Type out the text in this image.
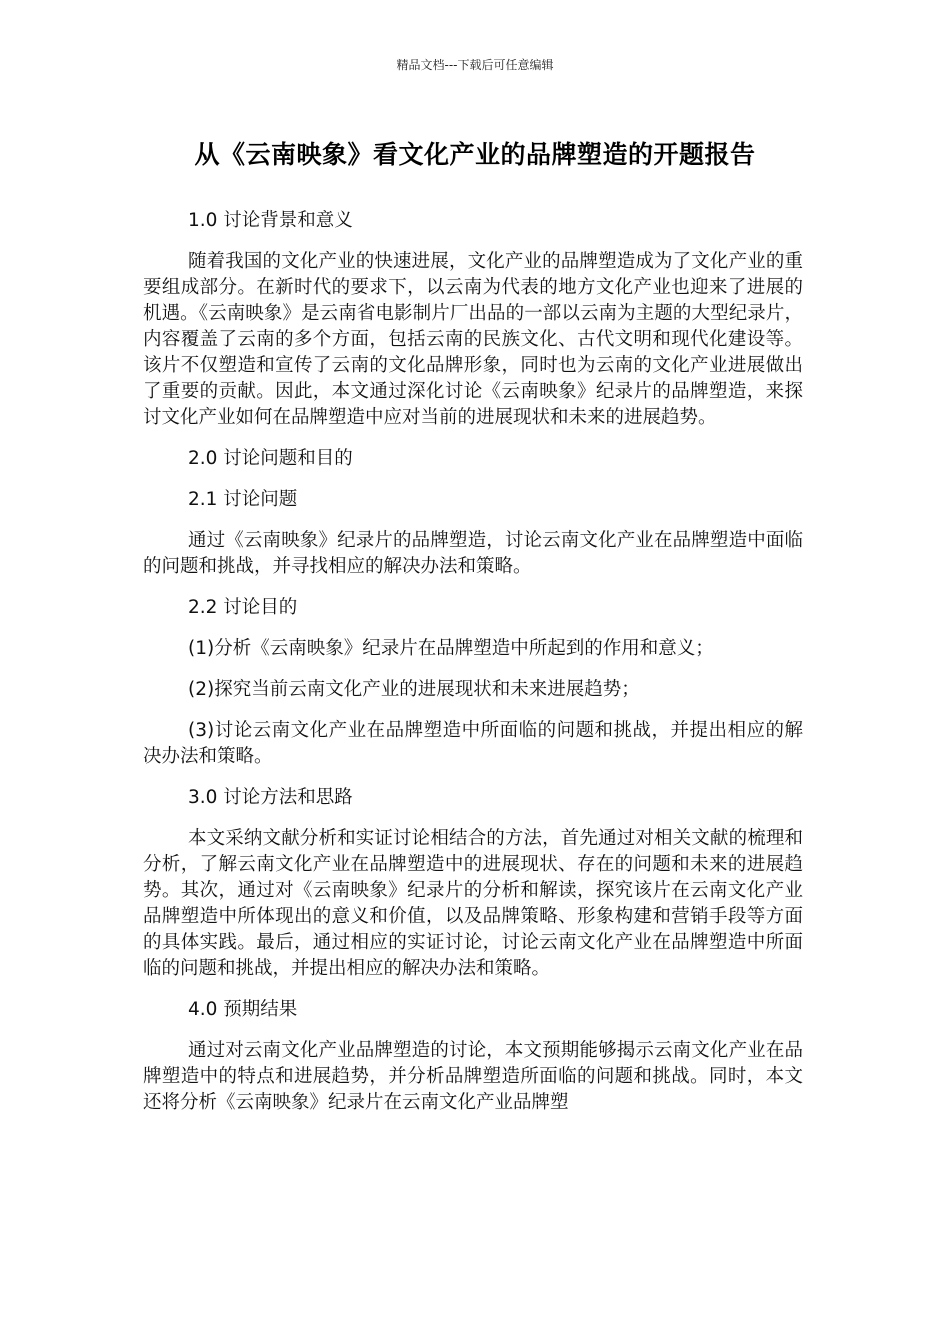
精品文档---下载后可任意编辑
从《云南映象》看文化产业的品牌塑造的开题报告

1.0 讨论背景和意义

随着我国的文化产业的快速进展，文化产业的品牌塑造成为了文化产业的重要组成部分。在新时代的要求下，以云南为代表的地方文化产业也迎来了进展的机遇。《云南映象》是云南省电影制片厂出品的一部以云南为主题的大型纪录片，内容覆盖了云南的多个方面，包括云南的民族文化、古代文明和现代化建设等。该片不仅塑造和宣传了云南的文化品牌形象，同时也为云南的文化产业进展做出了重要的贡献。因此，本文通过深化讨论《云南映象》纪录片的品牌塑造，来探讨文化产业如何在品牌塑造中应对当前的进展现状和未来的进展趋势。

2.0 讨论问题和目的

2.1 讨论问题

通过《云南映象》纪录片的品牌塑造，讨论云南文化产业在品牌塑造中面临的问题和挑战，并寻找相应的解决办法和策略。

2.2 讨论目的

(1)分析《云南映象》纪录片在品牌塑造中所起到的作用和意义；

(2)探究当前云南文化产业的进展现状和未来进展趋势；

(3)讨论云南文化产业在品牌塑造中所面临的问题和挑战，并提出相应的解决办法和策略。

3.0 讨论方法和思路

本文采纳文献分析和实证讨论相结合的方法，首先通过对相关文献的梳理和分析，了解云南文化产业在品牌塑造中的进展现状、存在的问题和未来的进展趋势。其次，通过对《云南映象》纪录片的分析和解读，探究该片在云南文化产业品牌塑造中所体现出的意义和价值，以及品牌策略、形象构建和营销手段等方面的具体实践。最后，通过相应的实证讨论，讨论云南文化产业在品牌塑造中所面临的问题和挑战，并提出相应的解决办法和策略。

4.0 预期结果

通过对云南文化产业品牌塑造的讨论，本文预期能够揭示云南文化产业在品牌塑造中的特点和进展趋势，并分析品牌塑造所面临的问题和挑战。同时，本文还将分析《云南映象》纪录片在云南文化产业品牌塑
